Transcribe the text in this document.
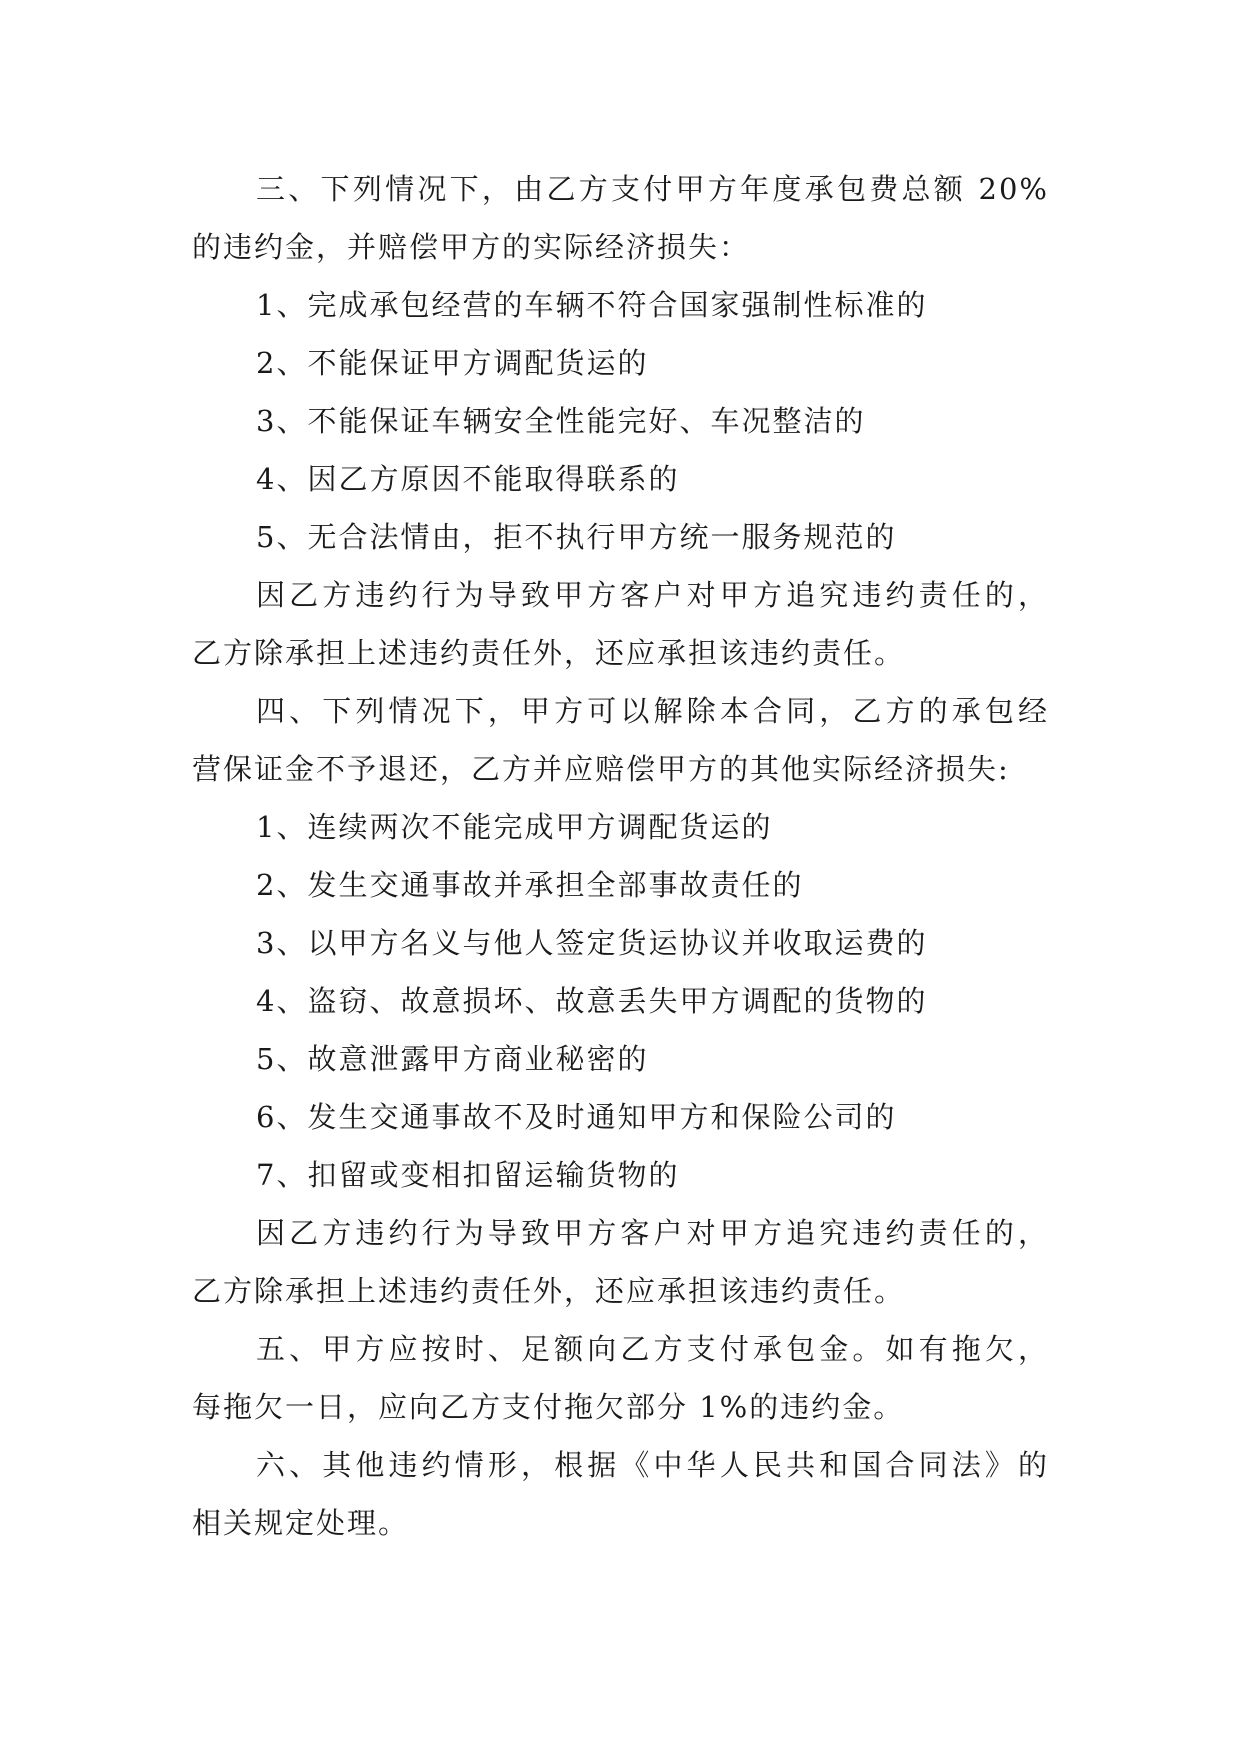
三、下列情况下，由乙方支付甲方年度承包费总额 20%
的违约金，并赔偿甲方的实际经济损失：
1、完成承包经营的车辆不符合国家强制性标准的
2、不能保证甲方调配货运的
3、不能保证车辆安全性能完好、车况整洁的
4、因乙方原因不能取得联系的
5、无合法情由，拒不执行甲方统一服务规范的
因乙方违约行为导致甲方客户对甲方追究违约责任的，
乙方除承担上述违约责任外，还应承担该违约责任。
四、下列情况下，甲方可以解除本合同，乙方的承包经
营保证金不予退还，乙方并应赔偿甲方的其他实际经济损失:
1、连续两次不能完成甲方调配货运的
2、发生交通事故并承担全部事故责任的
3、以甲方名义与他人签定货运协议并收取运费的
4、盗窃、故意损坏、故意丢失甲方调配的货物的
5、故意泄露甲方商业秘密的
6、发生交通事故不及时通知甲方和保险公司的
7、扣留或变相扣留运输货物的
因乙方违约行为导致甲方客户对甲方追究违约责任的，
乙方除承担上述违约责任外，还应承担该违约责任。
五、甲方应按时、足额向乙方支付承包金。如有拖欠，
每拖欠一日，应向乙方支付拖欠部分 1%的违约金。
六、其他违约情形，根据《中华人民共和国合同法》的
相关规定处理。
